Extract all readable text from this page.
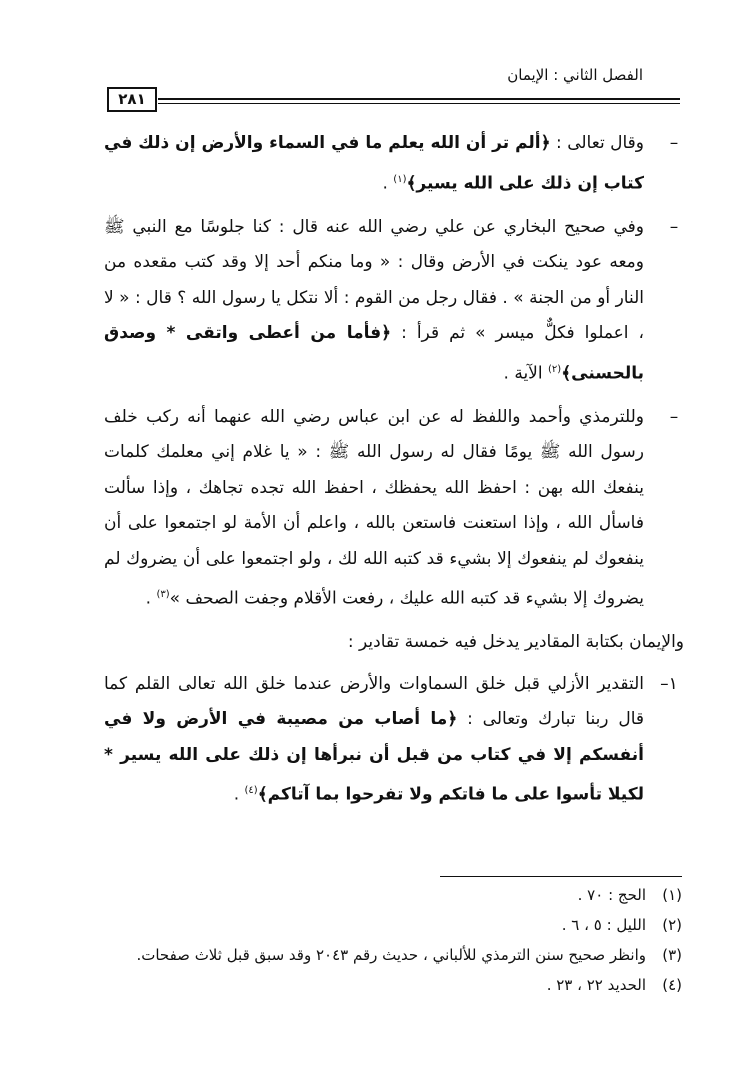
الفصل الثاني : الإيمان
٢٨١
–
وقال تعالى : ﴿ألم تر أن الله يعلم ما في السماء والأرض إن ذلك في كتاب إن ذلك على الله يسير﴾$^{(١)}$ .
–
وفي صحيح البخاري عن علي رضي الله عنه قال : كنا جلوسًا مع النبي ﷺ ومعه عود ينكت في الأرض وقال : « وما منكم أحد إلا وقد كتب مقعده من النار أو من الجنة » . فقال رجل من القوم : ألا نتكل يا رسول الله ؟ قال : « لا ، اعملوا فكلٌّ ميسر » ثم قرأ : ﴿فأما من أعطى واتقى * وصدق بالحسنى﴾$^{(٢)}$ الآية .
–
وللترمذي وأحمد واللفظ له عن ابن عباس رضي الله عنهما أنه ركب خلف رسول الله ﷺ يومًا فقال له رسول الله ﷺ : « يا غلام إني معلمك كلمات ينفعك الله بهن : احفظ الله يحفظك ، احفظ الله تجده تجاهك ، وإذا سألت فاسأل الله ، وإذا استعنت فاستعن بالله ، واعلم أن الأمة لو اجتمعوا على أن ينفعوك لم ينفعوك إلا بشيء قد كتبه الله لك ، ولو اجتمعوا على أن يضروك لم يضروك إلا بشيء قد كتبه الله عليك ، رفعت الأقلام وجفت الصحف »$^{(٣)}$ .
والإيمان بكتابة المقادير يدخل فيه خمسة تقادير :
١–
التقدير الأزلي قبل خلق السماوات والأرض عندما خلق الله تعالى القلم كما قال ربنا تبارك وتعالى : ﴿ما أصاب من مصيبة في الأرض ولا في أنفسكم إلا في كتاب من قبل أن نبرأها إن ذلك على الله يسير * لكيلا تأسوا على ما فاتكم ولا تفرحوا بما آتاكم﴾$^{(٤)}$ .
(١)
الحج : ٧٠ .
(٢)
الليل : ٥ ، ٦ .
(٣)
وانظر صحيح سنن الترمذي للألباني ، حديث رقم ٢٠٤٣ وقد سبق قبل ثلاث صفحات.
(٤)
الحديد ٢٢ ، ٢٣ .
